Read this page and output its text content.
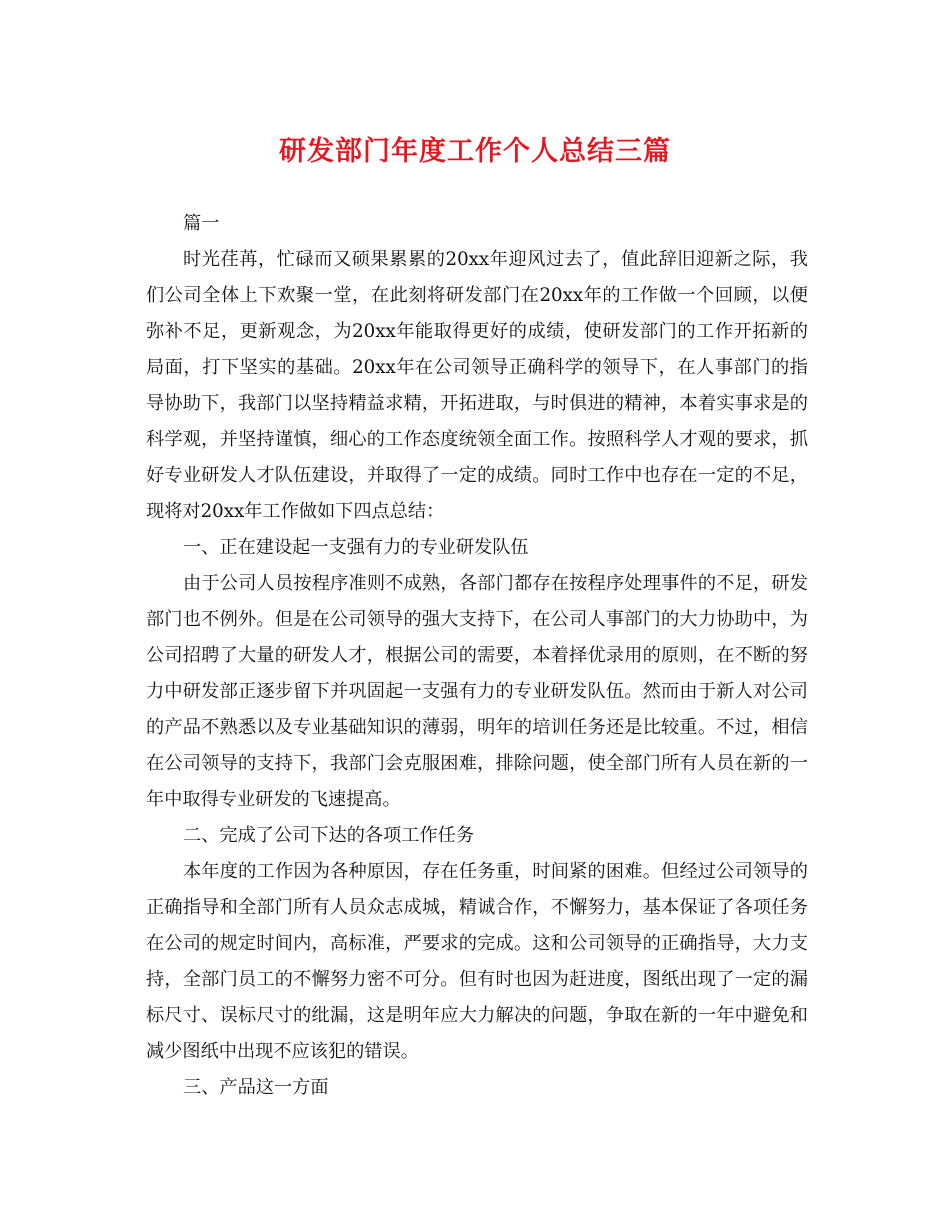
研发部门年度工作个人总结三篇

篇一

时光荏苒，忙碌而又硕果累累的20xx年迎风过去了，值此辞旧迎新之际，我们公司全体上下欢聚一堂，在此刻将研发部门在20xx年的工作做一个回顾，以便弥补不足，更新观念，为20xx年能取得更好的成绩，使研发部门的工作开拓新的局面，打下坚实的基础。20xx年在公司领导正确科学的领导下，在人事部门的指导协助下，我部门以坚持精益求精，开拓进取，与时俱进的精神，本着实事求是的科学观，并坚持谨慎，细心的工作态度统领全面工作。按照科学人才观的要求，抓好专业研发人才队伍建设，并取得了一定的成绩。同时工作中也存在一定的不足，现将对20xx年工作做如下四点总结：

一、正在建设起一支强有力的专业研发队伍

由于公司人员按程序准则不成熟，各部门都存在按程序处理事件的不足，研发部门也不例外。但是在公司领导的强大支持下，在公司人事部门的大力协助中，为公司招聘了大量的研发人才，根据公司的需要，本着择优录用的原则，在不断的努力中研发部正逐步留下并巩固起一支强有力的专业研发队伍。然而由于新人对公司的产品不熟悉以及专业基础知识的薄弱，明年的培训任务还是比较重。不过，相信在公司领导的支持下，我部门会克服困难，排除问题，使全部门所有人员在新的一年中取得专业研发的飞速提高。

二、完成了公司下达的各项工作任务

本年度的工作因为各种原因，存在任务重，时间紧的困难。但经过公司领导的正确指导和全部门所有人员众志成城，精诚合作，不懈努力，基本保证了各项任务在公司的规定时间内，高标准，严要求的完成。这和公司领导的正确指导，大力支持，全部门员工的不懈努力密不可分。但有时也因为赶进度，图纸出现了一定的漏标尺寸、误标尺寸的纰漏，这是明年应大力解决的问题，争取在新的一年中避免和减少图纸中出现不应该犯的错误。

三、产品这一方面
